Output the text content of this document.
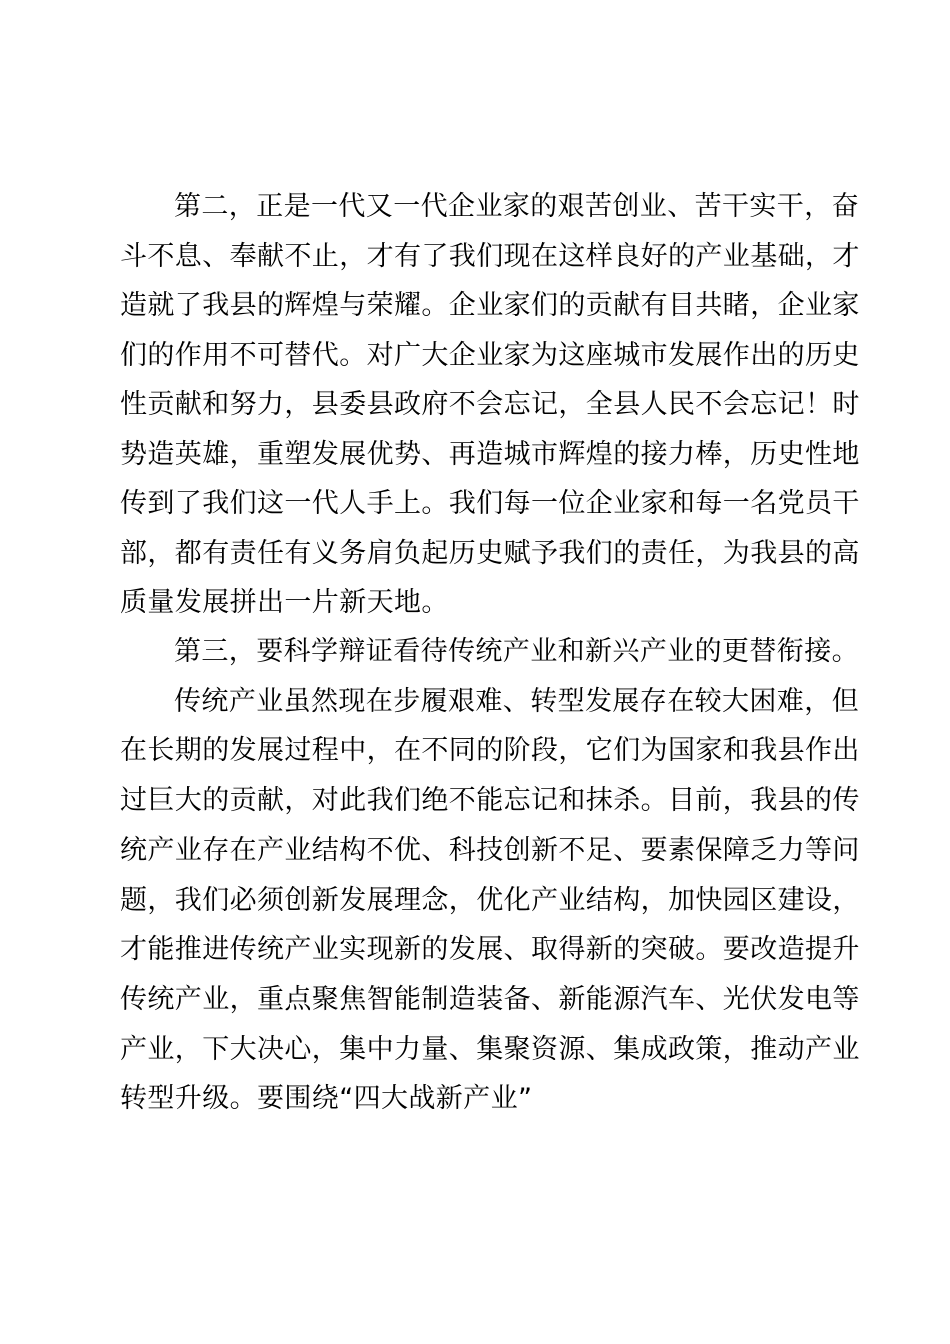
第二，正是一代又一代企业家的艰苦创业、苦干实干，奋
斗不息、奉献不止，才有了我们现在这样良好的产业基础，才
造就了我县的辉煌与荣耀。企业家们的贡献有目共睹，企业家
们的作用不可替代。对广大企业家为这座城市发展作出的历史
性贡献和努力，县委县政府不会忘记，全县人民不会忘记！时
势造英雄，重塑发展优势、再造城市辉煌的接力棒，历史性地
传到了我们这一代人手上。我们每一位企业家和每一名党员干
部，都有责任有义务肩负起历史赋予我们的责任，为我县的高
质量发展拼出一片新天地。
第三，要科学辩证看待传统产业和新兴产业的更替衔接。
传统产业虽然现在步履艰难、转型发展存在较大困难，但
在长期的发展过程中，在不同的阶段，它们为国家和我县作出
过巨大的贡献，对此我们绝不能忘记和抹杀。目前，我县的传
统产业存在产业结构不优、科技创新不足、要素保障乏力等问
题，我们必须创新发展理念，优化产业结构，加快园区建设，
才能推进传统产业实现新的发展、取得新的突破。要改造提升
传统产业，重点聚焦智能制造装备、新能源汽车、光伏发电等
产业，下大决心，集中力量、集聚资源、集成政策，推动产业
转型升级。要围绕“四大战新产业”
